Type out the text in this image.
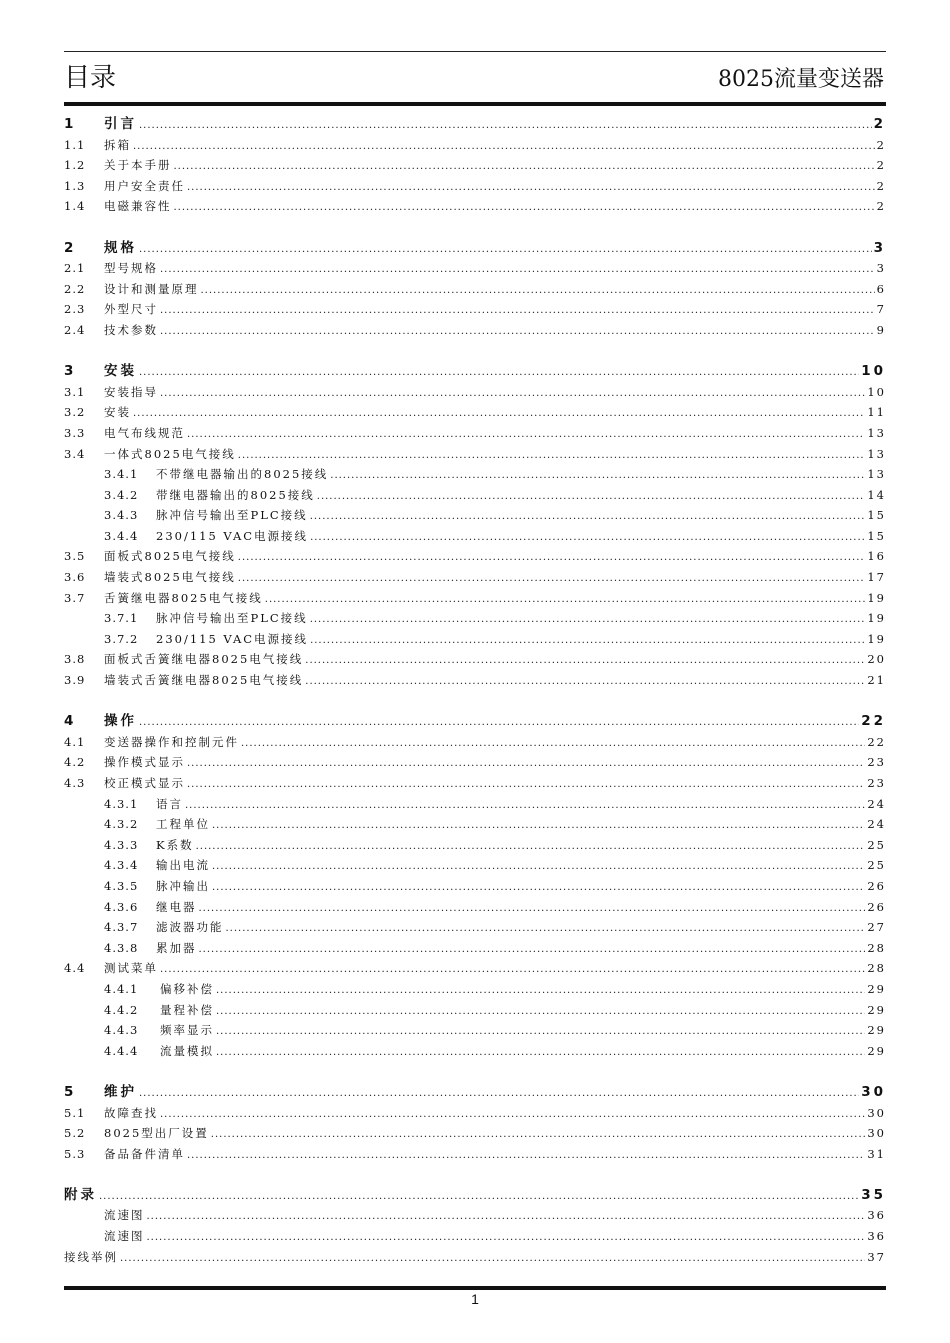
目录	8025流量变送器
1	引言 .....	2
1.1	拆箱 .....	2
1.2	关于本手册 .....	2
1.3	用户安全责任 .....	2
1.4	电磁兼容性 .....	2
2	规格 .....	3
2.1	型号规格 .....	3
2.2	设计和测量原理 .....	6
2.3	外型尺寸 .....	7
2.4	技术参数 .....	9
3	安装 .....	10
3.1	安装指导 .....	10
3.2	安装 .....	11
3.3	电气布线规范 .....	13
3.4	一体式8025电气接线 .....	13
3.4.1	不带继电器输出的8025接线 .....	13
3.4.2	带继电器输出的8025接线 .....	14
3.4.3	脉冲信号输出至PLC接线 .....	15
3.4.4	230/115 VAC电源接线 .....	15
3.5	面板式8025电气接线 .....	16
3.6	墙装式8025电气接线 .....	17
3.7	舌簧继电器8025电气接线 .....	19
3.7.1	脉冲信号输出至PLC接线 .....	19
3.7.2	230/115 VAC电源接线 .....	19
3.8	面板式舌簧继电器8025电气接线 .....	20
3.9	墙装式舌簧继电器8025电气接线 .....	21
4	操作 .....	22
4.1	变送器操作和控制元件 .....	22
4.2	操作模式显示 .....	23
4.3	校正模式显示 .....	23
4.3.1	语言 .....	24
4.3.2	工程单位 .....	24
4.3.3	K系数 .....	25
4.3.4	输出电流 .....	25
4.3.5	脉冲输出 .....	26
4.3.6	继电器 .....	26
4.3.7	滤波器功能 .....	27
4.3.8	累加器 .....	28
4.4	测试菜单 .....	28
4.4.1	偏移补偿 .....	29
4.4.2	量程补偿 .....	29
4.4.3	频率显示 .....	29
4.4.4	流量模拟 .....	29
5	维护 .....	30
5.1	故障查找 .....	30
5.2	8025型出厂设置 .....	30
5.3	备品备件清单 .....	31
附录 .....	35
流速图 .....	36
流速图 .....	36
接线举例 .....	37
1
